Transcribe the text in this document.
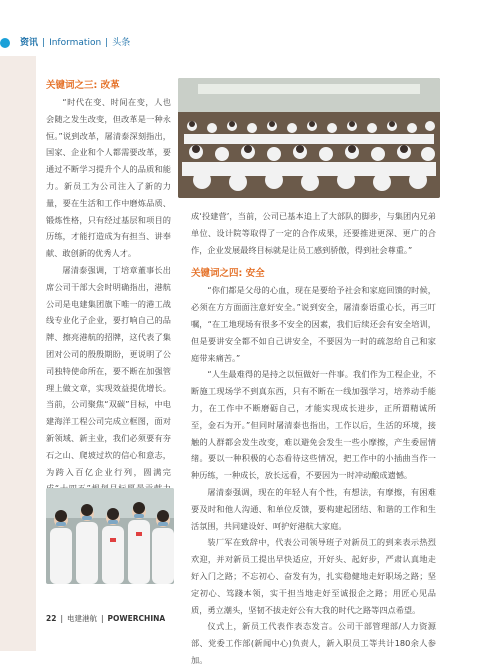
资讯 | Information | 头条
关键词之三: 改革

“时代在变、时间在变，人也会随之发生改变，但改革是一种永恒。”说到改革，屠清泰深刻指出，国家、企业和个人都需要改革，要通过不断学习提升个人的品质和能力。新员工为公司注入了新的力量，要在生活和工作中磨炼品质、锻炼性格，只有经过基层和项目的历练，才能打造成为有担当、讲奉献、敢创新的优秀人才。

屠清泰强调，丁培章董事长出席公司干部大会时明确指出，港航公司是电建集团旗下唯一的港工战线专业化子企业，要打响自己的品牌、擦亮港航的招牌，这代表了集团对公司的殷殷期盼，更说明了公司独特使命所在，要不断在加强管理上做文章，实现效益提优增长。当前，公司聚焦“双碳”目标，中电建海洋工程公司完成立框图，面对新领域、新主业，我们必须要有夯石之山、爬坡过坎的信心和意志，为跨入百亿企业行列，圆满完

成‘投建营’，当前，公司已基本追上了大部队的脚步，与集团内兄弟单位、设计院等取得了一定的合作成果，还要推进更深、更广的合作，企业发展最终目标就是让员工感到骄傲，得到社会尊重。”

关键词之四: 安全

“你们都是父母的心血，现在是要给予社会和家庭回馈的时候，必须在方方面面注意好安全。”说到安全，屠清泰语重心长，再三叮嘱，“在工地现场有很多不安全的因素，我们后续还会有安全培训，但是要讲安全都不如自己讲安全，不要因为一时的疏忽给自己和家庭带来痛苦。”

“人生最难得的是持之以恒做好一件事。我们作为工程企业，不断施工现场学不到真东西，只有不断在一线加强学习，培养动手能力，在工作中不断磨砺自己，才能实现成长进步，正所谓精诚所至，金石为开。”但同时屠清泰也指出，工作以后，生活的环境，接触的人群都会发生改变，难以避免会发生一些小摩擦，产生委屈情绪。要以一种积极的心态看待这些情况，把工作中的小插曲当作一种历练，一种成长，放长远看，不要因为一时冲动酿成遗憾。

屠清泰强调，现在的年轻人有个性，有想法，有摩擦，有困难要及时和他人沟通、和单位反馈，要构建起团结、和谐的工作和生活氛围，共同建设好、呵护好港航大家庭。

装厂军在致辞中，代表公司领导班子对新员工的到来表示热烈欢迎，并对新员工提出早快适应，开好头、起好步，严肃认真地走好入门之路；不忘初心、奋发有为，扎实稳健地走好职场之路；坚定初心、笃踐本领，实干担当地走好至诚报企之路；用匠心见品质，勇立潮头，坚韧不拔走好公有大我的时代之路等四点希望。

仪式上，新员工代表作表态发言。公司干部管理部/人力资源部、党委工作部(新闻中心)负责人，新入职员工等共计180余人参加。

22 | 电建港航 | POWERCHINA
